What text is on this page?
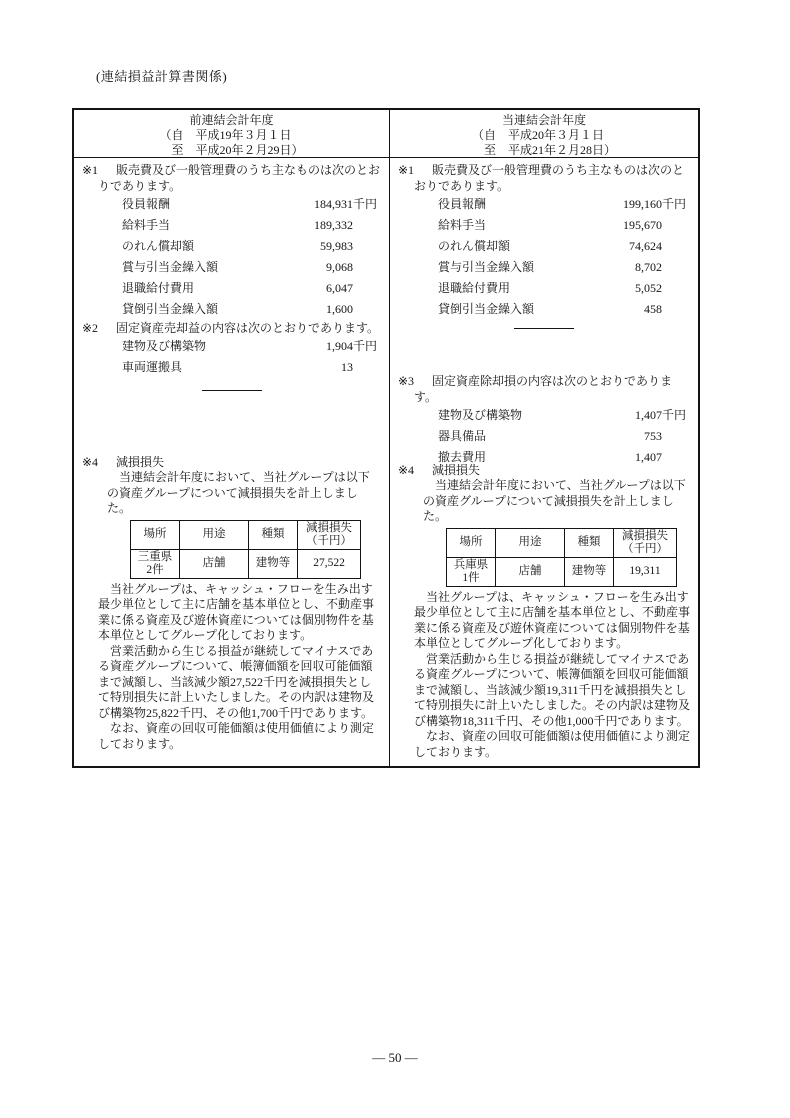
(連結損益計算書関係)
前連結会計年度
（自　平成19年３月１日
至　平成20年２月29日）
※1 販売費及び一般管理費のうち主なものは次のとおりであります。
役員報酬	184,931 千円
給料手当	189,332
のれん償却額	59,983
賞与引当金繰入額	9,068
退職給付費用	6,047
貸倒引当金繰入額	1,600
※2 固定資産売却益の内容は次のとおりであります。
建物及び構築物	1,904 千円
車両運搬具	13
※4 減損損失
当連結会計年度において、当社グループは以下の資産グループについて減損損失を計上しました。
場所	用途	種類	減損損失
（千円）

三重県
2件	店舗	建物等	27,522
当社グループは、キャッシュ・フローを生み出す最少単位として主に店舗を基本単位とし、不動産事業に係る資産及び遊休資産については個別物件を基本単位としてグループ化しております。
営業活動から生じる損益が継続してマイナスである資産グループについて、帳簿価額を回収可能価額まで減額し、当該減少額27,522千円を減損損失として特別損失に計上いたしました。その内訳は建物及び構築物25,822千円、その他1,700千円であります。
なお、資産の回収可能価額は使用価値により測定しております。
当連結会計年度
（自　平成20年３月１日
至　平成21年２月28日）
※1 販売費及び一般管理費のうち主なものは次のとおりであります。
役員報酬	199,160 千円
給料手当	195,670
のれん償却額	74,624
賞与引当金繰入額	8,702
退職給付費用	5,052
貸倒引当金繰入額	458
※3 固定資産除却損の内容は次のとおりであります。
建物及び構築物	1,407 千円
器具備品	753
撤去費用	1,407
※4 減損損失
当連結会計年度において、当社グループは以下の資産グループについて減損損失を計上しました。
場所	用途	種類	減損損失
（千円）

兵庫県
1件	店舗	建物等	19,311
当社グループは、キャッシュ・フローを生み出す最少単位として主に店舗を基本単位とし、不動産事業に係る資産及び遊休資産については個別物件を基本単位としてグループ化しております。
営業活動から生じる損益が継続してマイナスである資産グループについて、帳簿価額を回収可能価額まで減額し、当該減少額19,311千円を減損損失として特別損失に計上いたしました。その内訳は建物及び構築物18,311千円、その他1,000千円であります。
なお、資産の回収可能価額は使用価値により測定しております。
— 50 —
